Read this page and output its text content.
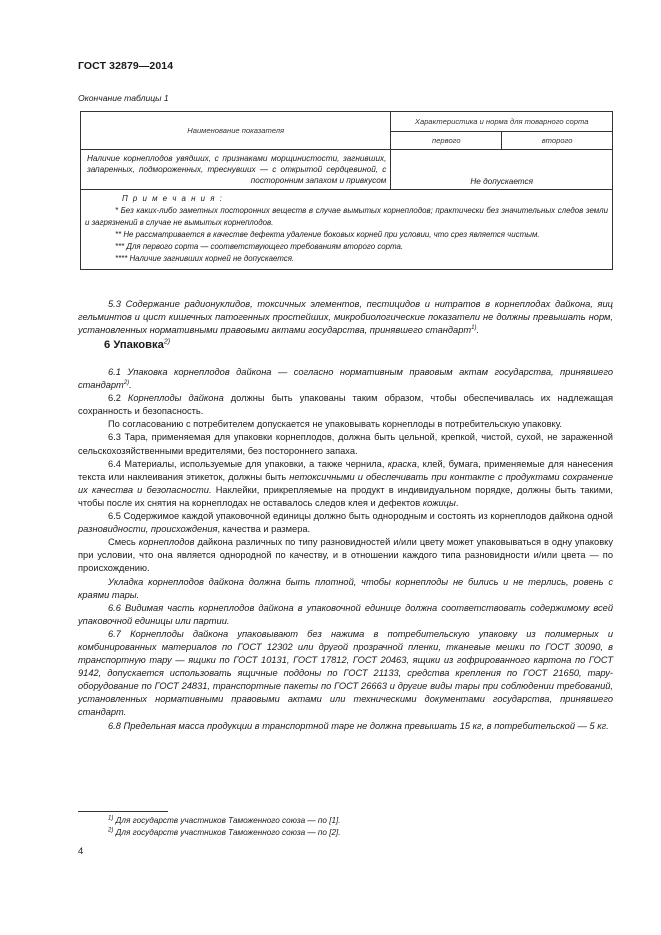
ГОСТ 32879—2014
Окончание таблицы 1
Наименование показателя	Характеристика и норма для товарного сорта	
	первого	второго
Наличие корнеплодов увядших, с признаками морщинистости, загнивших, запаренных, подмороженных, треснувших — с открытой сердцевиной, с посторонним запахом и привкусом	Не допускается	

П р и м е ч а н и я :

* Без каких-либо заметных посторонних веществ в случае вымытых корнеплодов; практически без значительных следов земли и загрязнений в случае не вымытых корнеплодов.

** Не рассматривается в качестве дефекта удаление боковых корней при условии, что срез является чистым.

*** Для первого сорта — соответствующего требованиям второго сорта.

**** Наличие загнивших корней не допускается.		

5.3 Содержание радионуклидов, токсичных элементов, пестицидов и нитратов в корнеплодах дайкона, яиц гельминтов и цист кишечных патогенных простейших, микробиологические показатели не должны превышать норм, установленных нормативными правовыми актами государства, принявшего стандарт$^{1)}$.

6 Упаковка$^{2)}$

6.1 Упаковка корнеплодов дайкона — согласно нормативным правовым актам государства, принявшего стандарт$^{2)}$.

6.2 Корнеплоды дайкона должны быть упакованы таким образом, чтобы обеспечивалась их надлежащая сохранность и безопасность.

По согласованию с потребителем допускается не упаковывать корнеплоды в потребительскую упаковку.

6.3 Тара, применяемая для упаковки корнеплодов, должна быть цельной, крепкой, чистой, сухой, не зараженной сельскохозяйственными вредителями, без постороннего запаха.

6.4 Материалы, используемые для упаковки, а также чернила, краска, клей, бумага, применяемые для нанесения текста или наклеивания этикеток, должны быть нетоксичными и обеспечивать при контакте с продуктами сохранение их качества и безопасности. Наклейки, прикрепляемые на продукт в индивидуальном порядке, должны быть такими, чтобы после их снятия на корнеплодах не оставалось следов клея и дефектов кожицы.

6.5 Содержимое каждой упаковочной единицы должно быть однородным и состоять из корнеплодов дайкона одной разновидности, происхождения, качества и размера.

Смесь корнеплодов дайкона различных по типу разновидностей и/или цвету может упаковываться в одну упаковку при условии, что она является однородной по качеству, и в отношении каждого типа разновидности и/или цвета — по происхождению.

Укладка корнеплодов дайкона должна быть плотной, чтобы корнеплоды не бились и не терлись, ровень с краями тары.

6.6 Видимая часть корнеплодов дайкона в упаковочной единице должна соответствовать содержимому всей упаковочной единицы или партии.

6.7 Корнеплоды дайкона упаковывают без нажима в потребительскую упаковку из полимерных и комбинированных материалов по ГОСТ 12302 или другой прозрачной пленки, тканевые мешки по ГОСТ 30090, в транспортную тару — ящики по ГОСТ 10131, ГОСТ 17812, ГОСТ 20463, ящики из гофрированного картона по ГОСТ 9142, допускается использовать ящичные поддоны по ГОСТ 21133, средства крепления по ГОСТ 21650, тару-оборудование по ГОСТ 24831, транспортные пакеты по ГОСТ 26663 и другие виды тары при соблюдении требований, установленных нормативными правовыми актами или техническими документами государства, принявшего стандарт.

6.8 Предельная масса продукции в транспортной таре не должна превышать 15 кг, в потребительской — 5 кг.

$^{1)}$ Для государств участников Таможенного союза — по [1].
$^{2)}$ Для государств участников Таможенного союза — по [2].
4
